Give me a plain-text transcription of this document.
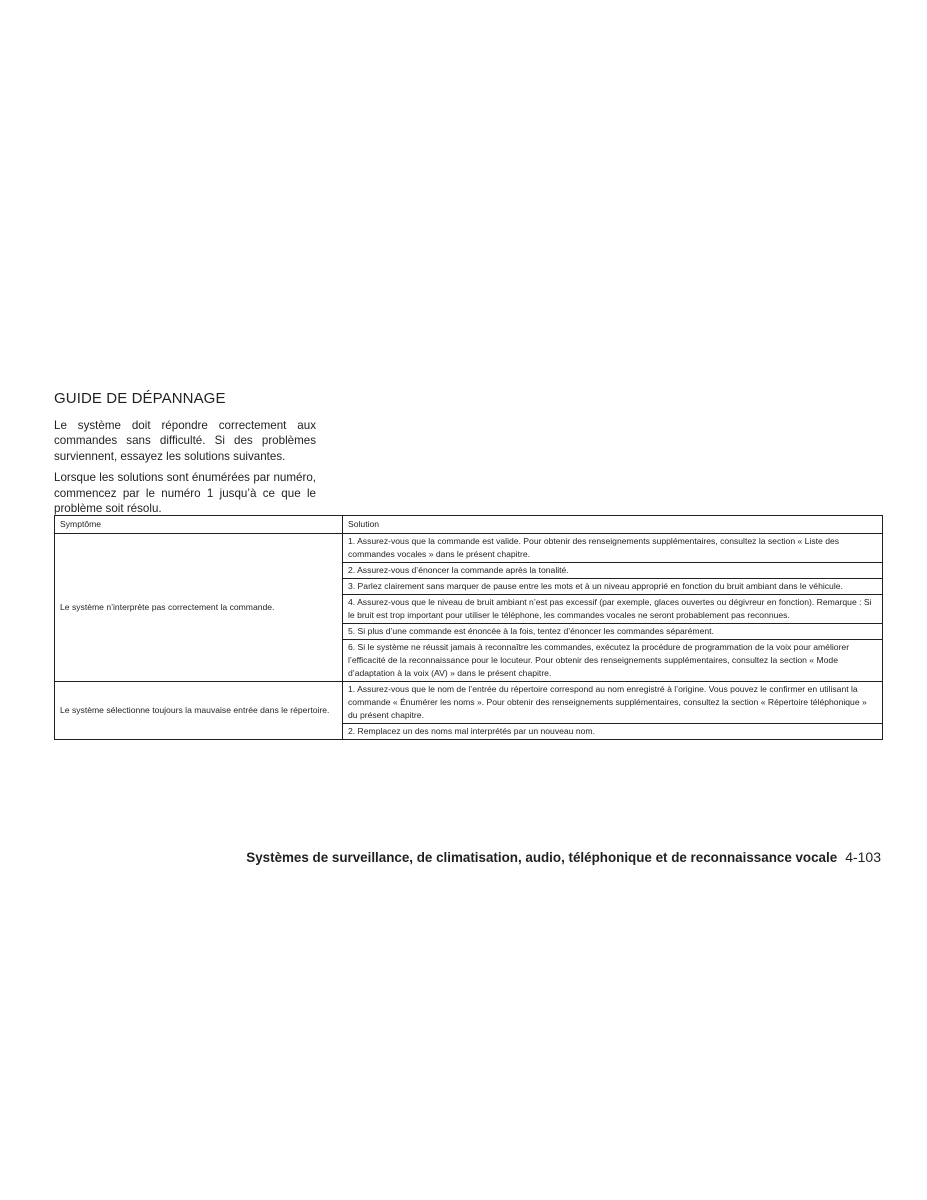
GUIDE DE DÉPANNAGE

Le système doit répondre correctement aux commandes sans difficulté. Si des problèmes surviennent, essayez les solutions suivantes.

Lorsque les solutions sont énumérées par numéro, commencez par le numéro 1 jusqu’à ce que le problème soit résolu.

Symptôme	Solution
Le système n’interprète pas correctement la commande.	1. Assurez-vous que la commande est valide. Pour obtenir des renseignements supplémentaires, consultez la section « Liste des commandes vocales » dans le présent chapitre.
	2. Assurez-vous d’énoncer la commande après la tonalité.
	3. Parlez clairement sans marquer de pause entre les mots et à un niveau approprié en fonction du bruit ambiant dans le véhicule.
	4. Assurez-vous que le niveau de bruit ambiant n’est pas excessif (par exemple, glaces ouvertes ou dégivreur en fonction). Remarque : Si le bruit est trop important pour utiliser le téléphone, les commandes vocales ne seront probablement pas reconnues.
	5. Si plus d’une commande est énoncée à la fois, tentez d’énoncer les commandes séparément.
	6. Si le système ne réussit jamais à reconnaître les commandes, exécutez la procédure de programmation de la voix pour améliorer l’efficacité de la reconnaissance pour le locuteur. Pour obtenir des renseignements supplémentaires, consultez la section « Mode d’adaptation à la voix (AV) » dans le présent chapitre.
Le système sélectionne toujours la mauvaise entrée dans le répertoire.	1. Assurez-vous que le nom de l’entrée du répertoire correspond au nom enregistré à l’origine. Vous pouvez le confirmer en utilisant la commande « Énumérer les noms ». Pour obtenir des renseignements supplémentaires, consultez la section « Répertoire téléphonique » du présent chapitre.
	2. Remplacez un des noms mal interprétés par un nouveau nom.
Systèmes de surveillance, de climatisation, audio, téléphonique et de reconnaissance vocale 4-103
